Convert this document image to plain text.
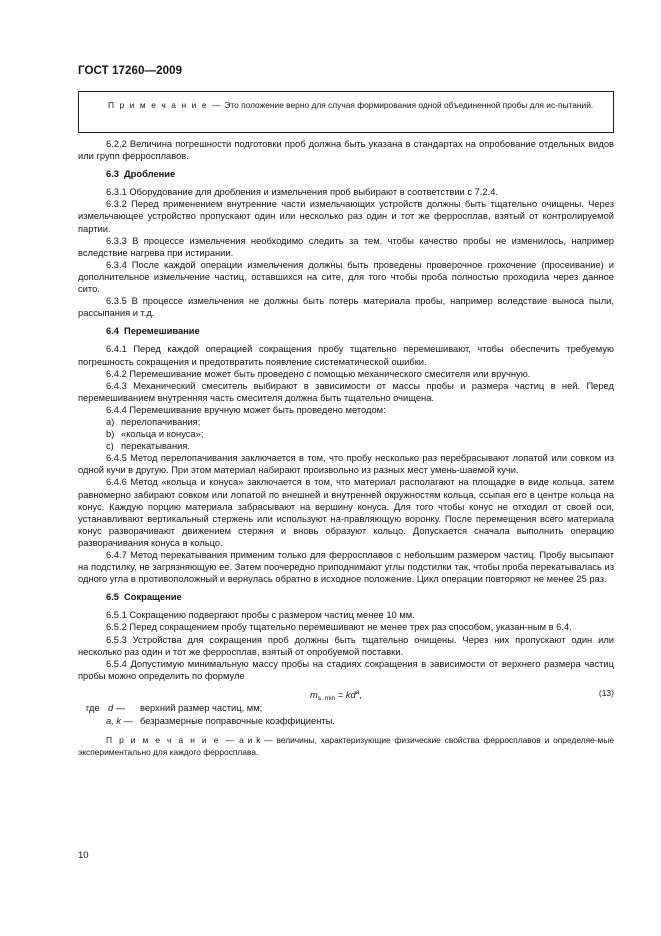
ГОСТ 17260—2009

П р и м е ч а н и е — Это положение верно для случая формирования одной объединенной пробы для ис-пытаний.

6.2.2 Величина погрешности подготовки проб должна быть указана в стандартах на опробование отдельных видов или групп ферросплавов.

6.3 Дробление

6.3.1 Оборудование для дробления и измельчения проб выбирают в соответствии с 7.2.4.

6.3.2 Перед применением внутренние части измельчающих устройств должны быть тщательно очищены. Через измельчающее устройство пропускают один или несколько раз один и тот же ферросплав, взятый от контролируемой партии.

6.3.3 В процессе измельчения необходимо следить за тем, чтобы качество пробы не изменилось, например вследствие нагрева при истирании.

6.3.4 После каждой операции измельчения должны быть проведены проверочное грохочение (просеивание) и дополнительное измельчение частиц, оставшихся на сите, для того чтобы проба полностью проходила через данное сито.

6.3.5 В процессе измельчения не должны быть потерь материала пробы, например вследствие выноса пыли, рассыпания и т.д.

6.4 Перемешивание

6.4.1 Перед каждой операцией сокращения пробу тщательно перемешивают, чтобы обеспечить требуемую погрешность сокращения и предотвратить появление систематической ошибки.

6.4.2 Перемешивание может быть проведено с помощью механического смесителя или вручную.

6.4.3 Механический смеситель выбирают в зависимости от массы пробы и размера частиц в ней. Перед перемешиванием внутренняя часть смесителя должна быть тщательно очищена.

6.4.4 Перемешивание вручную может быть проведено методом:

а) перелопачивания;

b) «кольца и конуса»;

c) перекатывания.

6.4.5 Метод перелопачивания заключается в том, что пробу несколько раз перебрасывают лопатой или совком из одной кучи в другую. При этом материал набирают произвольно из разных мест умень-шаемой кучи.

6.4.6 Метод «кольца и конуса» заключается в том, что материал располагают на площадке в виде кольца, затем равномерно забирают совком или лопатой по внешней и внутренней окружностям кольца, ссыпая его в центре кольца на конус. Каждую порцию материала забрасывают на вершину конуса. Для того чтобы конус не отходил от своей оси, устанавливают вертикальный стержень или используют на-правляющую воронку. После перемещения всего материала конус разворачивают движением стержня и вновь образуют кольцо. Допускается сначала выполнить операцию разворачивания конуса в кольцо.

6.4.7 Метод перекатывания применим только для ферросплавов с небольшим размером частиц. Пробу высыпают на подстилку, не загрязняющую ее. Затем поочередно приподнимают углы подстилки так, чтобы проба перекатывалась из одного угла в противоположный и вернулась обратно в исходное положение. Цикл операции повторяют не менее 25 раз.

6.5 Сокращение

6.5.1 Сокращению подвергают пробы с размером частиц менее 10 мм.

6.5.2 Перед сокращением пробу тщательно перемешивают не менее трех раз способом, указан-ным в 6.4.

6.5.3 Устройства для сокращения проб должны быть тщательно очищены. Через них пропускают один или несколько раз один и тот же ферросплав, взятый от опробуемой поставки.

6.5.4 Допустимую минимальную массу пробы на стадиях сокращения в зависимости от верхнего размера частиц пробы можно определить по формуле

$m_{s. min} = kd^a$,	(13)
где d — верхний размер частиц, мм;
a, k — безразмерные поправочные коэффициенты.

П р и м е ч а н и е — a и k — величины, характеризующие физические свойства ферросплавов и определяе-мые экспериментально для каждого ферросплава.

10
